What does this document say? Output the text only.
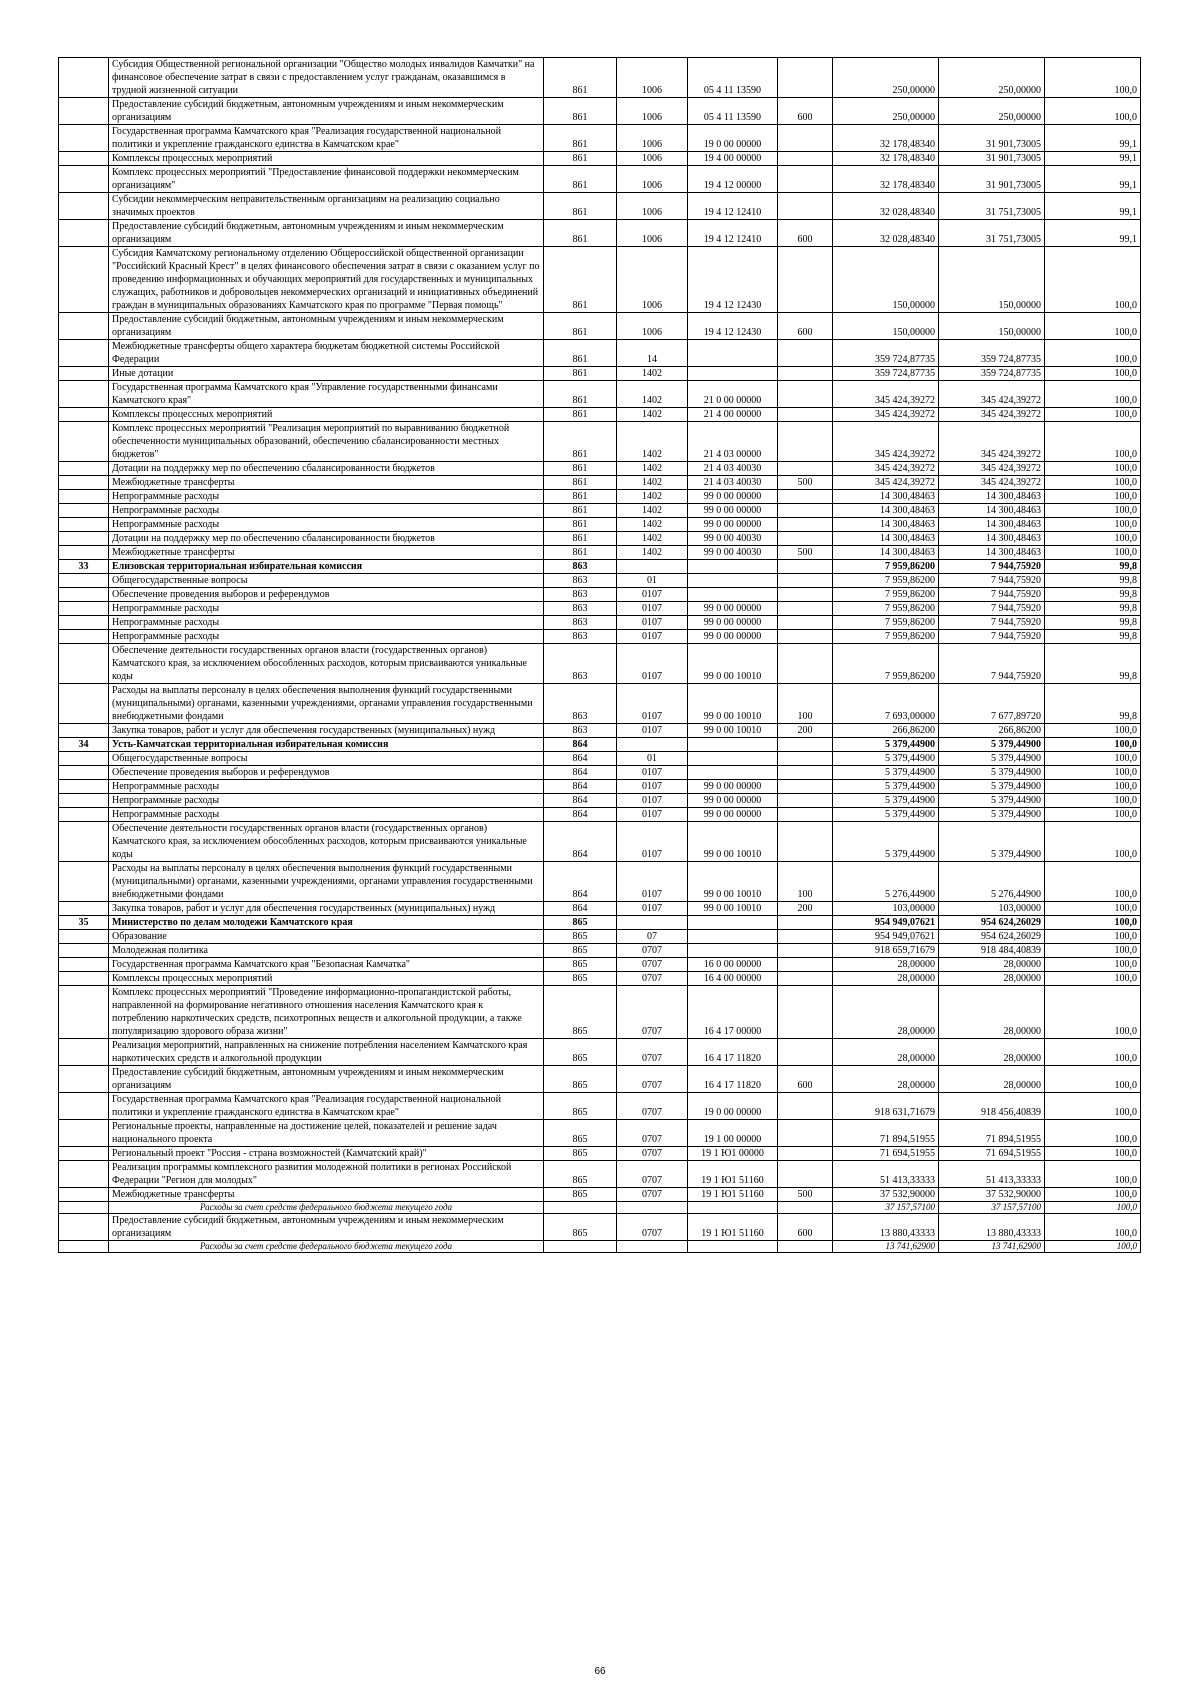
	Субсидия Общественной региональной организации "Общество молодых инвалидов Камчатки" на финансовое обеспечение затрат в связи с предоставлением услуг гражданам, оказавшимся в трудной жизненной ситуации	861	1006	05 4 11 13590		250,00000	250,00000	100,0
	Предоставление субсидий бюджетным, автономным учреждениям и иным некоммерческим организациям	861	1006	05 4 11 13590	600	250,00000	250,00000	100,0
	Государственная программа Камчатского края "Реализация государственной национальной политики и укрепление гражданского единства в Камчатском крае"	861	1006	19 0 00 00000		32 178,48340	31 901,73005	99,1
	Комплексы процессных мероприятий	861	1006	19 4 00 00000		32 178,48340	31 901,73005	99,1
	Комплекс процессных мероприятий "Предоставление финансовой поддержки некоммерческим организациям"	861	1006	19 4 12 00000		32 178,48340	31 901,73005	99,1
	Субсидии некоммерческим неправительственным организациям на реализацию социально значимых проектов	861	1006	19 4 12 12410		32 028,48340	31 751,73005	99,1
	Предоставление субсидий бюджетным, автономным учреждениям и иным некоммерческим организациям	861	1006	19 4 12 12410	600	32 028,48340	31 751,73005	99,1
	Субсидия Камчатскому региональному отделению Общероссийской общественной организации "Российский Красный Крест" в целях финансового обеспечения затрат в связи с оказанием услуг по проведению информационных и обучающих мероприятий для государственных и муниципальных служащих, работников и добровольцев некоммерческих организаций и инициативных объединений граждан в муниципальных образованиях Камчатского края по программе "Первая помощь"	861	1006	19 4 12 12430		150,00000	150,00000	100,0
	Предоставление субсидий бюджетным, автономным учреждениям и иным некоммерческим организациям	861	1006	19 4 12 12430	600	150,00000	150,00000	100,0
	Межбюджетные трансферты общего характера бюджетам бюджетной системы Российской Федерации	861	14			359 724,87735	359 724,87735	100,0
	Иные дотации	861	1402			359 724,87735	359 724,87735	100,0
	Государственная программа Камчатского края "Управление государственными финансами Камчатского края"	861	1402	21 0 00 00000		345 424,39272	345 424,39272	100,0
	Комплексы процессных мероприятий	861	1402	21 4 00 00000		345 424,39272	345 424,39272	100,0
	Комплекс процессных мероприятий "Реализация мероприятий по выравниванию бюджетной обеспеченности муниципальных образований, обеспечению сбалансированности местных бюджетов"	861	1402	21 4 03 00000		345 424,39272	345 424,39272	100,0
	Дотации на поддержку мер по обеспечению сбалансированности бюджетов	861	1402	21 4 03 40030		345 424,39272	345 424,39272	100,0
	Межбюджетные трансферты	861	1402	21 4 03 40030	500	345 424,39272	345 424,39272	100,0
	Непрограммные расходы	861	1402	99 0 00 00000		14 300,48463	14 300,48463	100,0
	Непрограммные расходы	861	1402	99 0 00 00000		14 300,48463	14 300,48463	100,0
	Непрограммные расходы	861	1402	99 0 00 00000		14 300,48463	14 300,48463	100,0
	Дотации на поддержку мер по обеспечению сбалансированности бюджетов	861	1402	99 0 00 40030		14 300,48463	14 300,48463	100,0
	Межбюджетные трансферты	861	1402	99 0 00 40030	500	14 300,48463	14 300,48463	100,0
33	Елизовская территориальная избирательная комиссия	863				7 959,86200	7 944,75920	99,8
	Общегосударственные вопросы	863	01			7 959,86200	7 944,75920	99,8
	Обеспечение проведения выборов и референдумов	863	0107			7 959,86200	7 944,75920	99,8
	Непрограммные расходы	863	0107	99 0 00 00000		7 959,86200	7 944,75920	99,8
	Непрограммные расходы	863	0107	99 0 00 00000		7 959,86200	7 944,75920	99,8
	Непрограммные расходы	863	0107	99 0 00 00000		7 959,86200	7 944,75920	99,8
	Обеспечение деятельности государственных органов власти (государственных органов) Камчатского края, за исключением обособленных расходов, которым присваиваются уникальные коды	863	0107	99 0 00 10010		7 959,86200	7 944,75920	99,8
	Расходы на выплаты персоналу в целях обеспечения выполнения функций государственными (муниципальными) органами, казенными учреждениями, органами управления государственными внебюджетными фондами	863	0107	99 0 00 10010	100	7 693,00000	7 677,89720	99,8
	Закупка товаров, работ и услуг для обеспечения государственных (муниципальных) нужд	863	0107	99 0 00 10010	200	266,86200	266,86200	100,0
34	Усть-Камчатская территориальная избирательная комиссия	864				5 379,44900	5 379,44900	100,0
	Общегосударственные вопросы	864	01			5 379,44900	5 379,44900	100,0
	Обеспечение проведения выборов и референдумов	864	0107			5 379,44900	5 379,44900	100,0
	Непрограммные расходы	864	0107	99 0 00 00000		5 379,44900	5 379,44900	100,0
	Непрограммные расходы	864	0107	99 0 00 00000		5 379,44900	5 379,44900	100,0
	Непрограммные расходы	864	0107	99 0 00 00000		5 379,44900	5 379,44900	100,0
	Обеспечение деятельности государственных органов власти (государственных органов) Камчатского края, за исключением обособленных расходов, которым присваиваются уникальные коды	864	0107	99 0 00 10010		5 379,44900	5 379,44900	100,0
	Расходы на выплаты персоналу в целях обеспечения выполнения функций государственными (муниципальными) органами, казенными учреждениями, органами управления государственными внебюджетными фондами	864	0107	99 0 00 10010	100	5 276,44900	5 276,44900	100,0
	Закупка товаров, работ и услуг для обеспечения государственных (муниципальных) нужд	864	0107	99 0 00 10010	200	103,00000	103,00000	100,0
35	Министерство по делам молодежи Камчатского края	865				954 949,07621	954 624,26029	100,0
	Образование	865	07			954 949,07621	954 624,26029	100,0
	Молодежная политика	865	0707			918 659,71679	918 484,40839	100,0
	Государственная программа Камчатского края "Безопасная Камчатка"	865	0707	16 0 00 00000		28,00000	28,00000	100,0
	Комплексы процессных мероприятий	865	0707	16 4 00 00000		28,00000	28,00000	100,0
	Комплекс процессных мероприятий "Проведение информационно-пропагандистской работы, направленной на формирование негативного отношения населения Камчатского края к потреблению наркотических средств, психотропных веществ и алкогольной продукции, а также популяризацию здорового образа жизни"	865	0707	16 4 17 00000		28,00000	28,00000	100,0
	Реализация мероприятий, направленных на снижение потребления населением Камчатского края наркотических средств и алкогольной продукции	865	0707	16 4 17 11820		28,00000	28,00000	100,0
	Предоставление субсидий бюджетным, автономным учреждениям и иным некоммерческим организациям	865	0707	16 4 17 11820	600	28,00000	28,00000	100,0
	Государственная программа Камчатского края "Реализация государственной национальной политики и укрепление гражданского единства в Камчатском крае"	865	0707	19 0 00 00000		918 631,71679	918 456,40839	100,0
	Региональные проекты, направленные на достижение целей, показателей и решение задач национального проекта	865	0707	19 1 00 00000		71 894,51955	71 894,51955	100,0
	Региональный проект "Россия - страна возможностей (Камчатский край)"	865	0707	19 1 Ю1 00000		71 694,51955	71 694,51955	100,0
	Реализация программы комплексного развития молодежной политики в регионах Российской Федерации "Регион для молодых"	865	0707	19 1 Ю1 51160		51 413,33333	51 413,33333	100,0
	Межбюджетные трансферты	865	0707	19 1 Ю1 51160	500	37 532,90000	37 532,90000	100,0
	Расходы за счет средств федерального бюджета текущего года					37 157,57100	37 157,57100	100,0
	Предоставление субсидий бюджетным, автономным учреждениям и иным некоммерческим организациям	865	0707	19 1 Ю1 51160	600	13 880,43333	13 880,43333	100,0
	Расходы за счет средств федерального бюджета текущего года					13 741,62900	13 741,62900	100,0
66
